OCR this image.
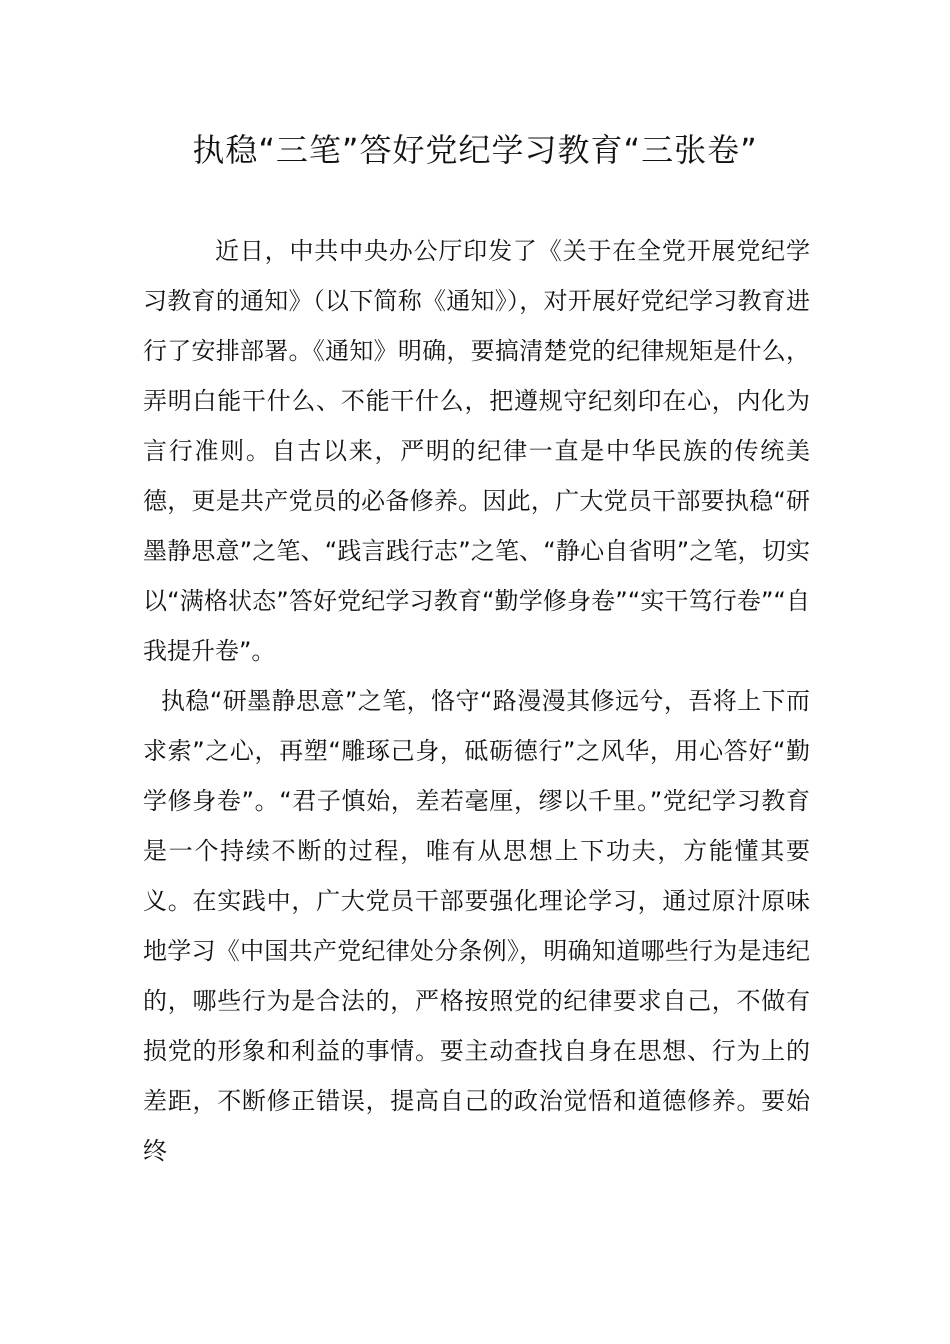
执稳“三笔”答好党纪学习教育“三张卷”

近日，中共中央办公厅印发了《关于在全党开展党纪学习教育的通知》（以下简称《通知》），对开展好党纪学习教育进行了安排部署。《通知》明确，要搞清楚党的纪律规矩是什么，弄明白能干什么、不能干什么，把遵规守纪刻印在心，内化为言行准则。自古以来，严明的纪律一直是中华民族的传统美德，更是共产党员的必备修养。因此，广大党员干部要执稳“研墨静思意”之笔、“践言践行志”之笔、“静心自省明”之笔，切实以“满格状态”答好党纪学习教育“勤学修身卷”“实干笃行卷”“自我提升卷”。

执稳“研墨静思意”之笔，恪守“路漫漫其修远兮，吾将上下而求索”之心，再塑“雕琢己身，砥砺德行”之风华，用心答好“勤学修身卷”。“君子慎始，差若毫厘，缪以千里。”党纪学习教育是一个持续不断的过程，唯有从思想上下功夫，方能懂其要义。在实践中，广大党员干部要强化理论学习，通过原汁原味地学习《中国共产党纪律处分条例》，明确知道哪些行为是违纪的，哪些行为是合法的，严格按照党的纪律要求自己，不做有损党的形象和利益的事情。要主动查找自身在思想、行为上的差距，不断修正错误，提高自己的政治觉悟和道德修养。要始终
